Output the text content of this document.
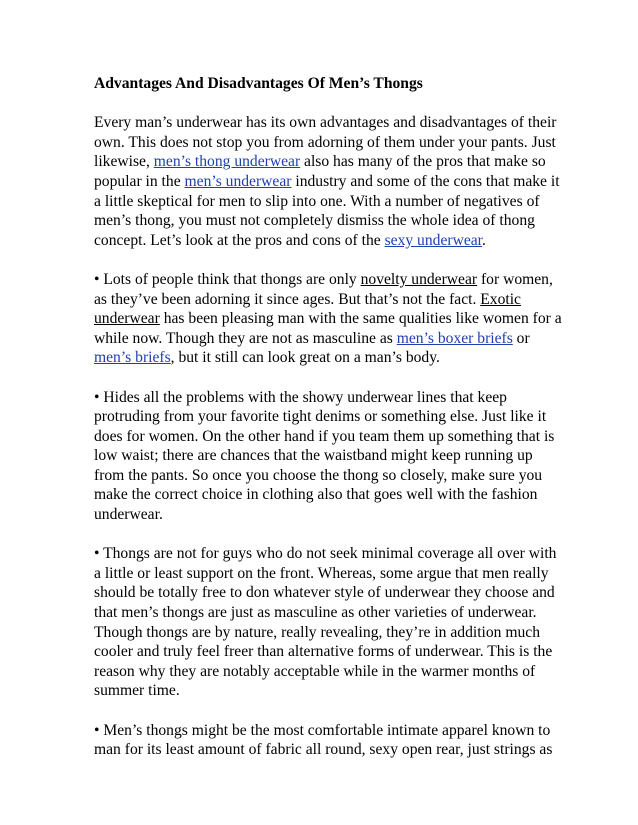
Advantages And Disadvantages Of Men’s Thongs
Every man’s underwear has its own advantages and disadvantages of their
own. This does not stop you from adorning of them under your pants. Just
likewise, men’s thong underwear also has many of the pros that make so
popular in the men’s underwear industry and some of the cons that make it
a little skeptical for men to slip into one. With a number of negatives of
men’s thong, you must not completely dismiss the whole idea of thong
concept. Let’s look at the pros and cons of the sexy underwear.
• Lots of people think that thongs are only novelty underwear for women,
as they’ve been adorning it since ages. But that’s not the fact. Exotic
underwear has been pleasing man with the same qualities like women for a
while now. Though they are not as masculine as men’s boxer briefs or
men’s briefs, but it still can look great on a man’s body.
• Hides all the problems with the showy underwear lines that keep
protruding from your favorite tight denims or something else. Just like it
does for women. On the other hand if you team them up something that is
low waist; there are chances that the waistband might keep running up
from the pants. So once you choose the thong so closely, make sure you
make the correct choice in clothing also that goes well with the fashion
underwear.
• Thongs are not for guys who do not seek minimal coverage all over with
a little or least support on the front. Whereas, some argue that men really
should be totally free to don whatever style of underwear they choose and
that men’s thongs are just as masculine as other varieties of underwear.
Though thongs are by nature, really revealing, they’re in addition much
cooler and truly feel freer than alternative forms of underwear. This is the
reason why they are notably acceptable while in the warmer months of
summer time.
• Men’s thongs might be the most comfortable intimate apparel known to
man for its least amount of fabric all round, sexy open rear, just strings as
